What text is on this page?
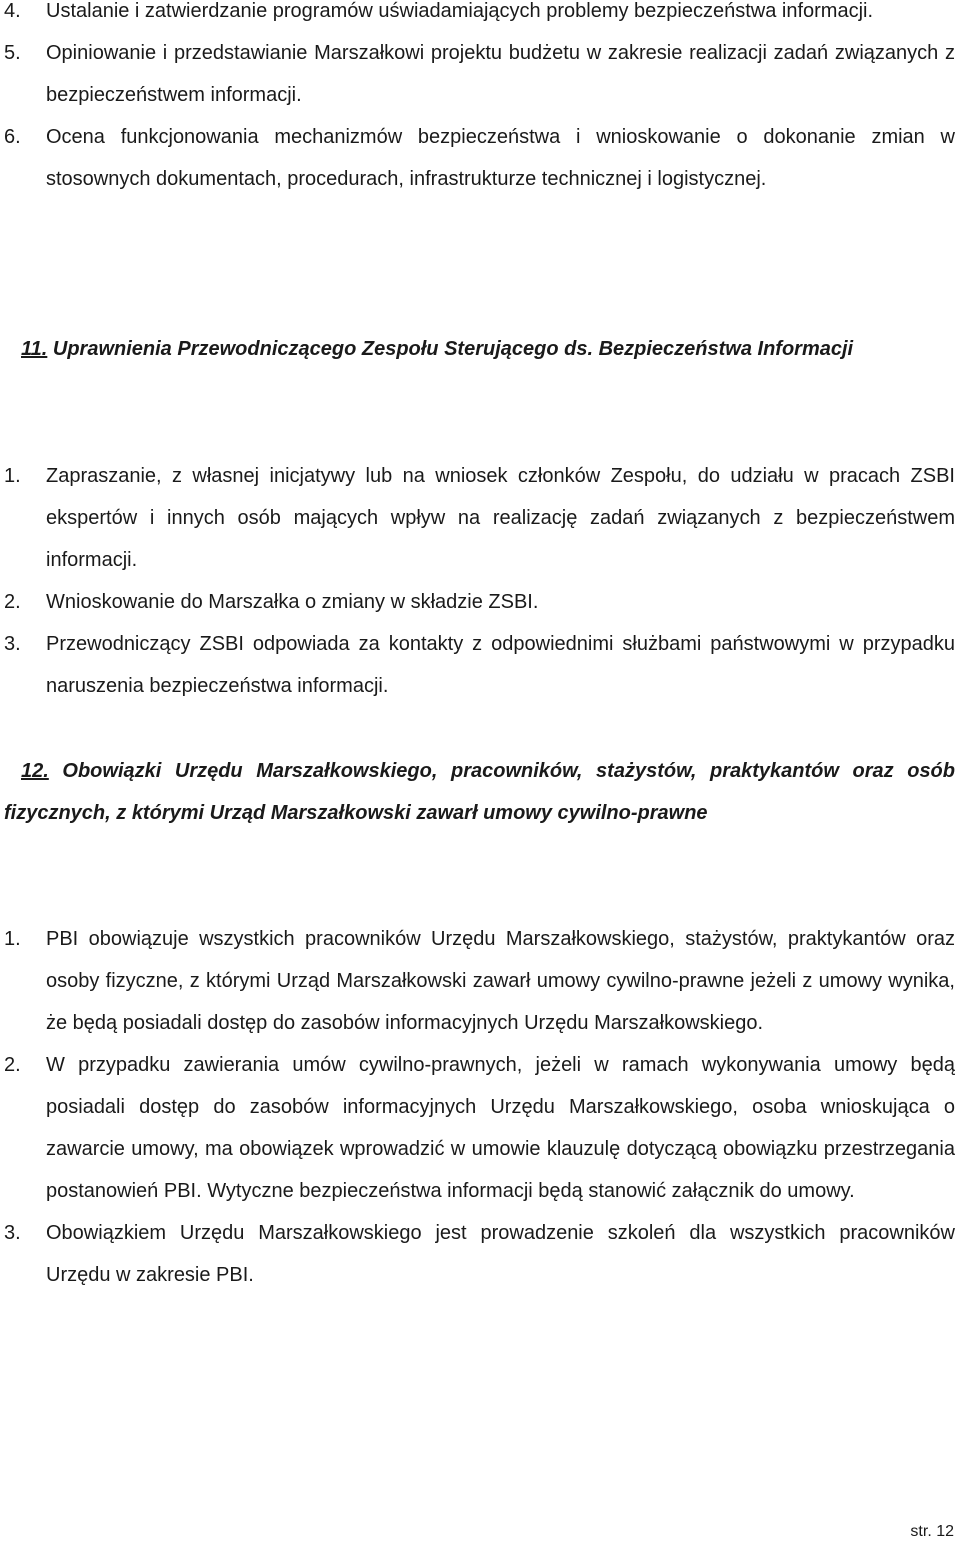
4. Ustalanie i zatwierdzanie programów uświadamiających problemy bezpieczeństwa informacji.
5. Opiniowanie i przedstawianie Marszałkowi projektu budżetu w zakresie realizacji zadań związanych z bezpieczeństwem informacji.
6. Ocena funkcjonowania mechanizmów bezpieczeństwa i wnioskowanie o dokonanie zmian w stosownych dokumentach, procedurach, infrastrukturze technicznej i logistycznej.
11. Uprawnienia Przewodniczącego Zespołu Sterującego ds. Bezpieczeństwa Informacji
1. Zapraszanie, z własnej inicjatywy lub na wniosek członków Zespołu, do udziału w pracach ZSBI ekspertów i innych osób mających wpływ na realizację zadań związanych z bezpieczeństwem informacji.
2. Wnioskowanie do Marszałka o zmiany w składzie ZSBI.
3. Przewodniczący ZSBI odpowiada za kontakty z odpowiednimi służbami państwowymi w przypadku naruszenia bezpieczeństwa informacji.
12. Obowiązki Urzędu Marszałkowskiego, pracowników, stażystów, praktykantów oraz osób fizycznych, z którymi Urząd Marszałkowski zawarł umowy cywilno-prawne
1. PBI obowiązuje wszystkich pracowników Urzędu Marszałkowskiego, stażystów, praktykantów oraz osoby fizyczne, z którymi Urząd Marszałkowski zawarł umowy cywilno-prawne jeżeli z umowy wynika, że będą posiadali dostęp do zasobów informacyjnych Urzędu Marszałkowskiego.
2. W przypadku zawierania umów cywilno-prawnych, jeżeli w ramach wykonywania umowy będą posiadali dostęp do zasobów informacyjnych Urzędu Marszałkowskiego, osoba wnioskująca o zawarcie umowy, ma obowiązek wprowadzić w umowie klauzulę dotyczącą obowiązku przestrzegania postanowień PBI. Wytyczne bezpieczeństwa informacji będą stanowić załącznik do umowy.
3. Obowiązkiem Urzędu Marszałkowskiego jest prowadzenie szkoleń dla wszystkich pracowników Urzędu w zakresie PBI.
str. 12
